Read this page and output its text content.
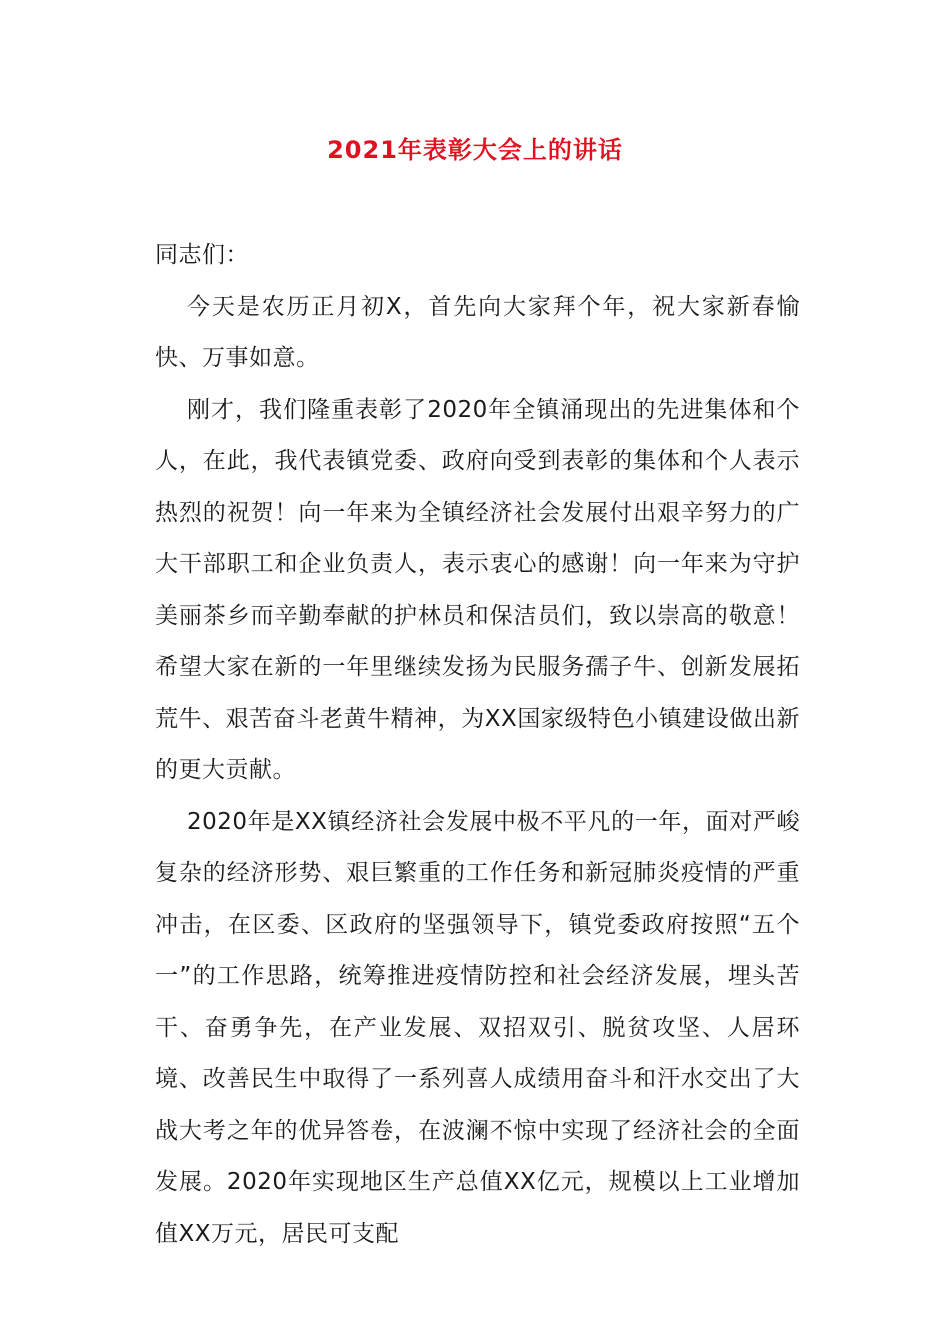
2021年表彰大会上的讲话

同志们：

今天是农历正月初X，首先向大家拜个年，祝大家新春愉快、万事如意。

刚才，我们隆重表彰了2020年全镇涌现出的先进集体和个人，在此，我代表镇党委、政府向受到表彰的集体和个人表示热烈的祝贺！向一年来为全镇经济社会发展付出艰辛努力的广大干部职工和企业负责人，表示衷心的感谢！向一年来为守护美丽茶乡而辛勤奉献的护林员和保洁员们，致以崇高的敬意！希望大家在新的一年里继续发扬为民服务孺子牛、创新发展拓荒牛、艰苦奋斗老黄牛精神，为XX国家级特色小镇建设做出新的更大贡献。

2020年是XX镇经济社会发展中极不平凡的一年，面对严峻复杂的经济形势、艰巨繁重的工作任务和新冠肺炎疫情的严重冲击，在区委、区政府的坚强领导下，镇党委政府按照“五个一”的工作思路，统筹推进疫情防控和社会经济发展，埋头苦干、奋勇争先，在产业发展、双招双引、脱贫攻坚、人居环境、改善民生中取得了一系列喜人成绩用奋斗和汗水交出了大战大考之年的优异答卷，在波澜不惊中实现了经济社会的全面发展。2020年实现地区生产总值XX亿元，规模以上工业增加值XX万元，居民可支配
